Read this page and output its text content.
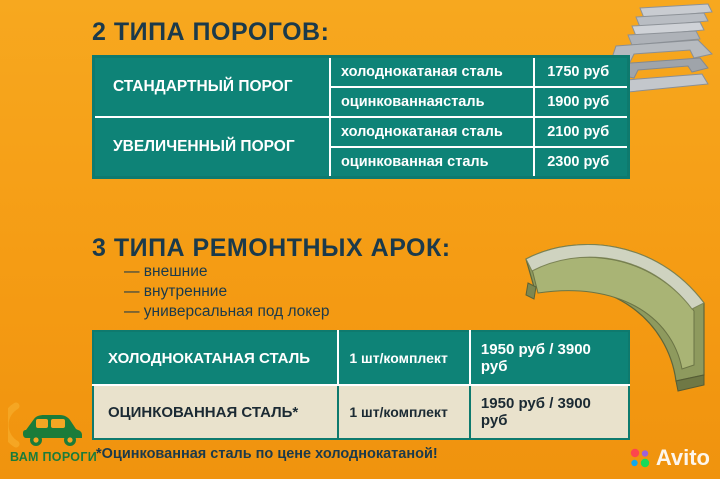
2 ТИПА ПОРОГОВ:
СТАНДАРТНЫЙ ПОРОГ	холоднокатаная сталь	1750 руб
	оцинкованнаясталь	1900 руб
УВЕЛИЧЕННЫЙ ПОРОГ	холоднокатаная сталь	2100 руб
	оцинкованная сталь	2300 руб
3 ТИПА РЕМОНТНЫХ АРОК:
— внешние
— внутренние
— универсальная под локер
ХОЛОДНОКАТАНАЯ СТАЛЬ	1 шт/комплект	1950 руб / 3900 руб
ОЦИНКОВАННАЯ СТАЛЬ*	1 шт/комплект	1950 руб / 3900 руб
*Оцинкованная сталь по цене холоднокатаной!
ВАМ ПОРОГИ	Avito
